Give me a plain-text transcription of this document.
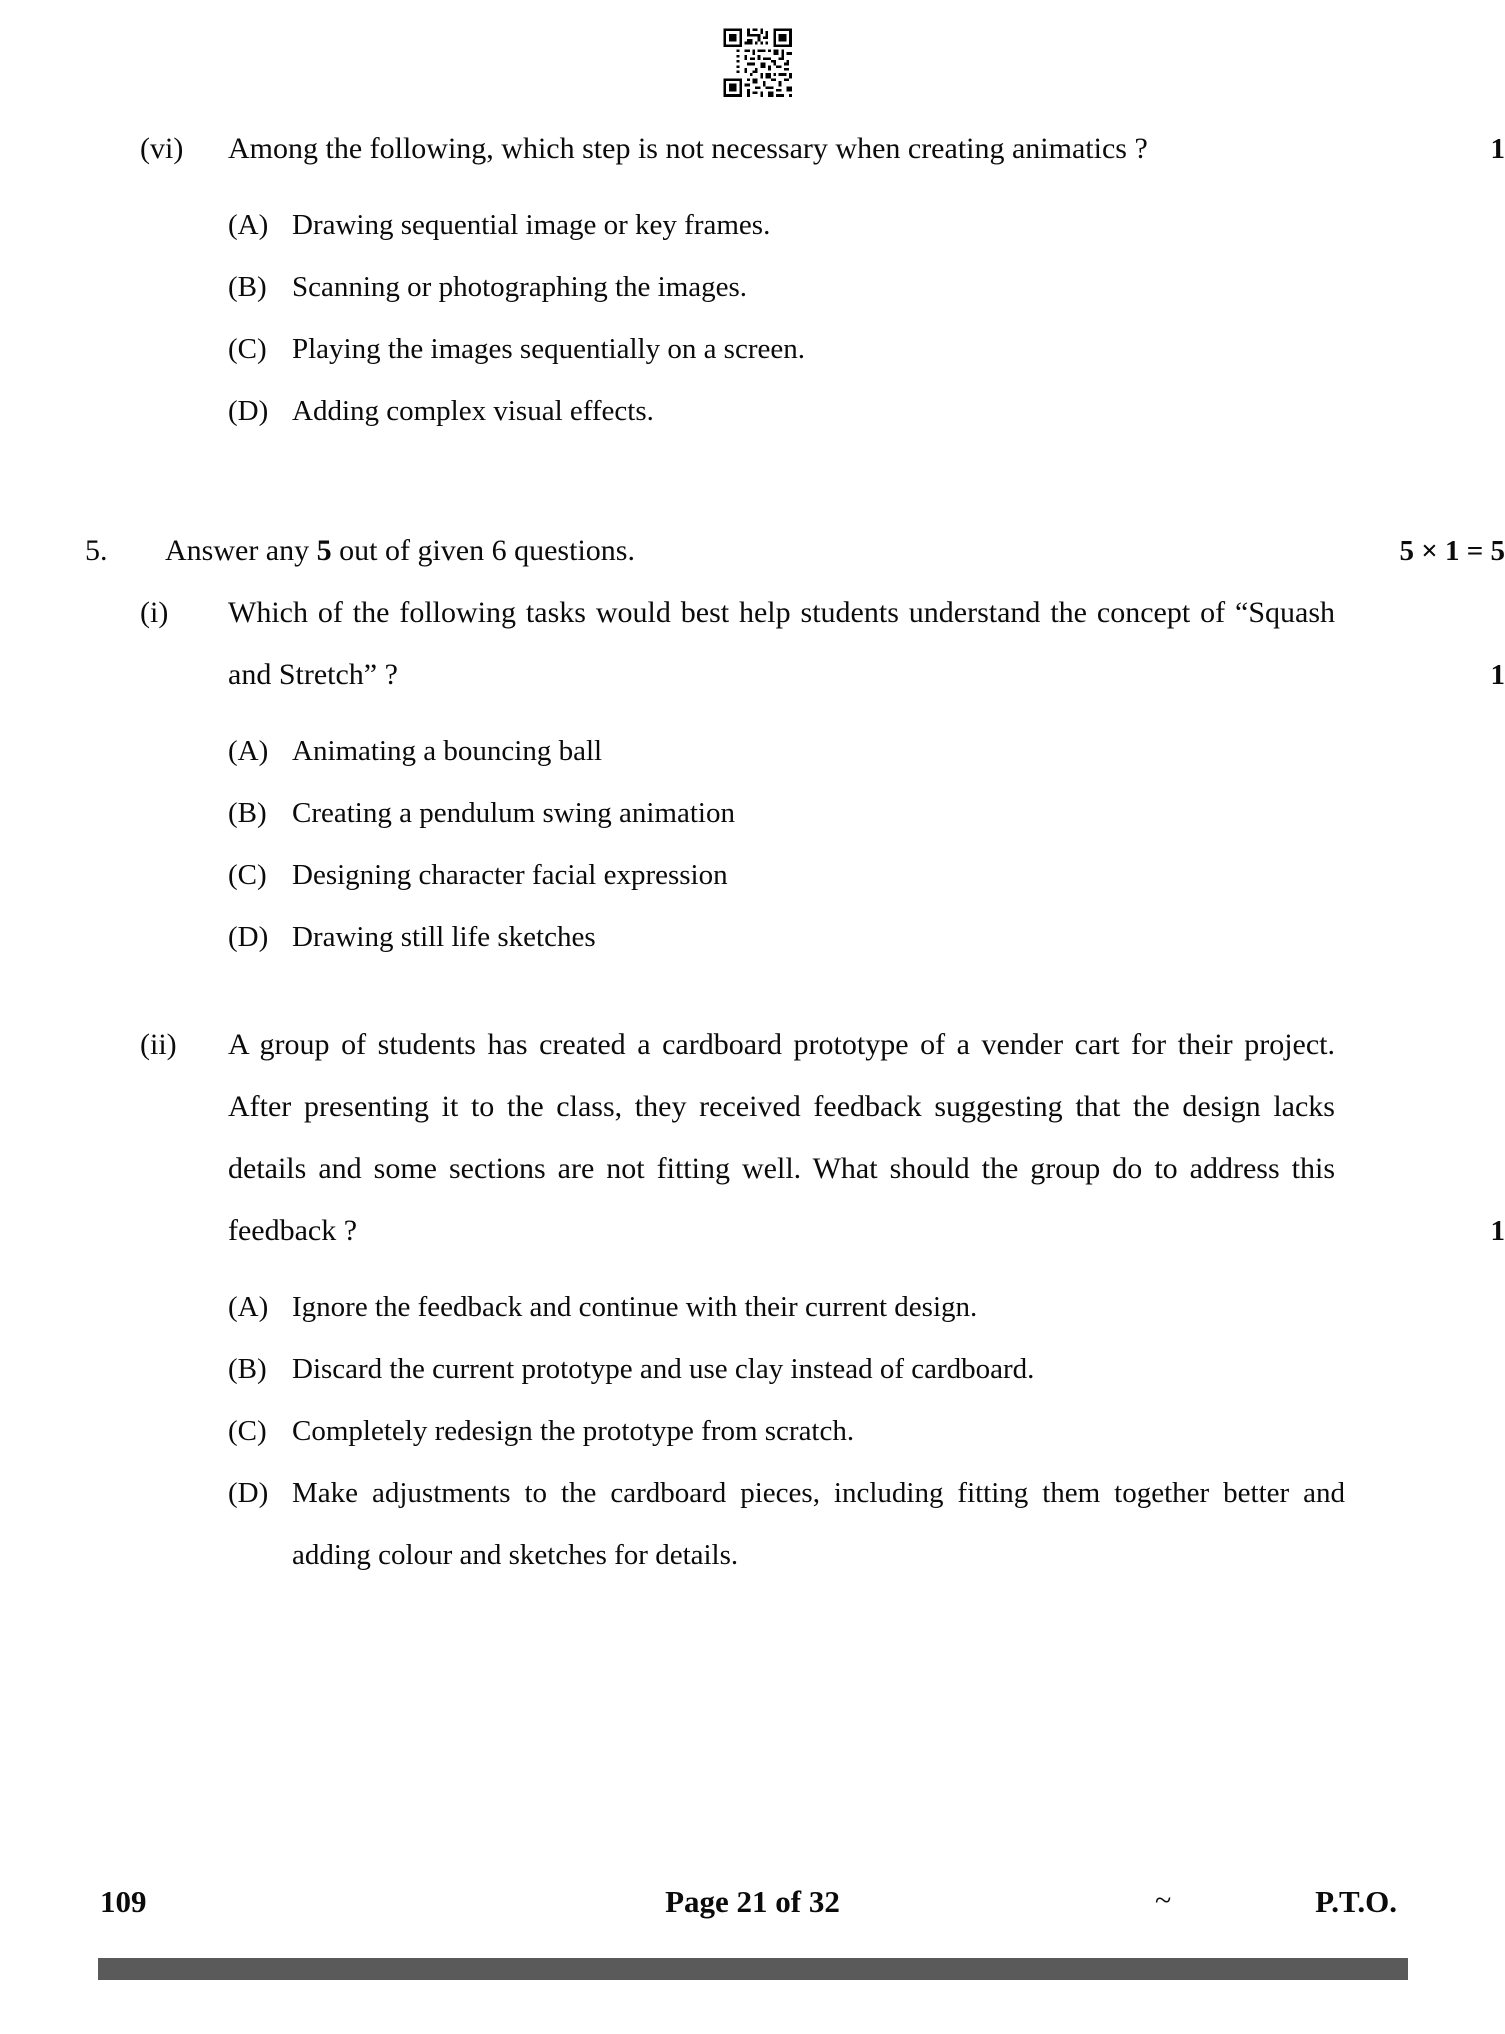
(vi)	Among the following, which step is not necessary when creating animatics ?	1
(A) Drawing sequential image or key frames.
(B) Scanning or photographing the images.
(C) Playing the images sequentially on a screen.
(D) Adding complex visual effects.
5.	Answer any 5 out of given 6 questions.	5 × 1 = 5
(i)	Which of the following tasks would best help students understand the concept of “Squash and Stretch” ?	1
(A) Animating a bouncing ball
(B) Creating a pendulum swing animation
(C) Designing character facial expression
(D) Drawing still life sketches
(ii)	A group of students has created a cardboard prototype of a vender cart for their project. After presenting it to the class, they received feedback suggesting that the design lacks details and some sections are not fitting well. What should the group do to address this feedback ?	1
(A) Ignore the feedback and continue with their current design.
(B) Discard the current prototype and use clay instead of cardboard.
(C) Completely redesign the prototype from scratch.
(D) Make adjustments to the cardboard pieces, including fitting them together better and adding colour and sketches for details.
109	Page 21 of 32	~	P.T.O.
